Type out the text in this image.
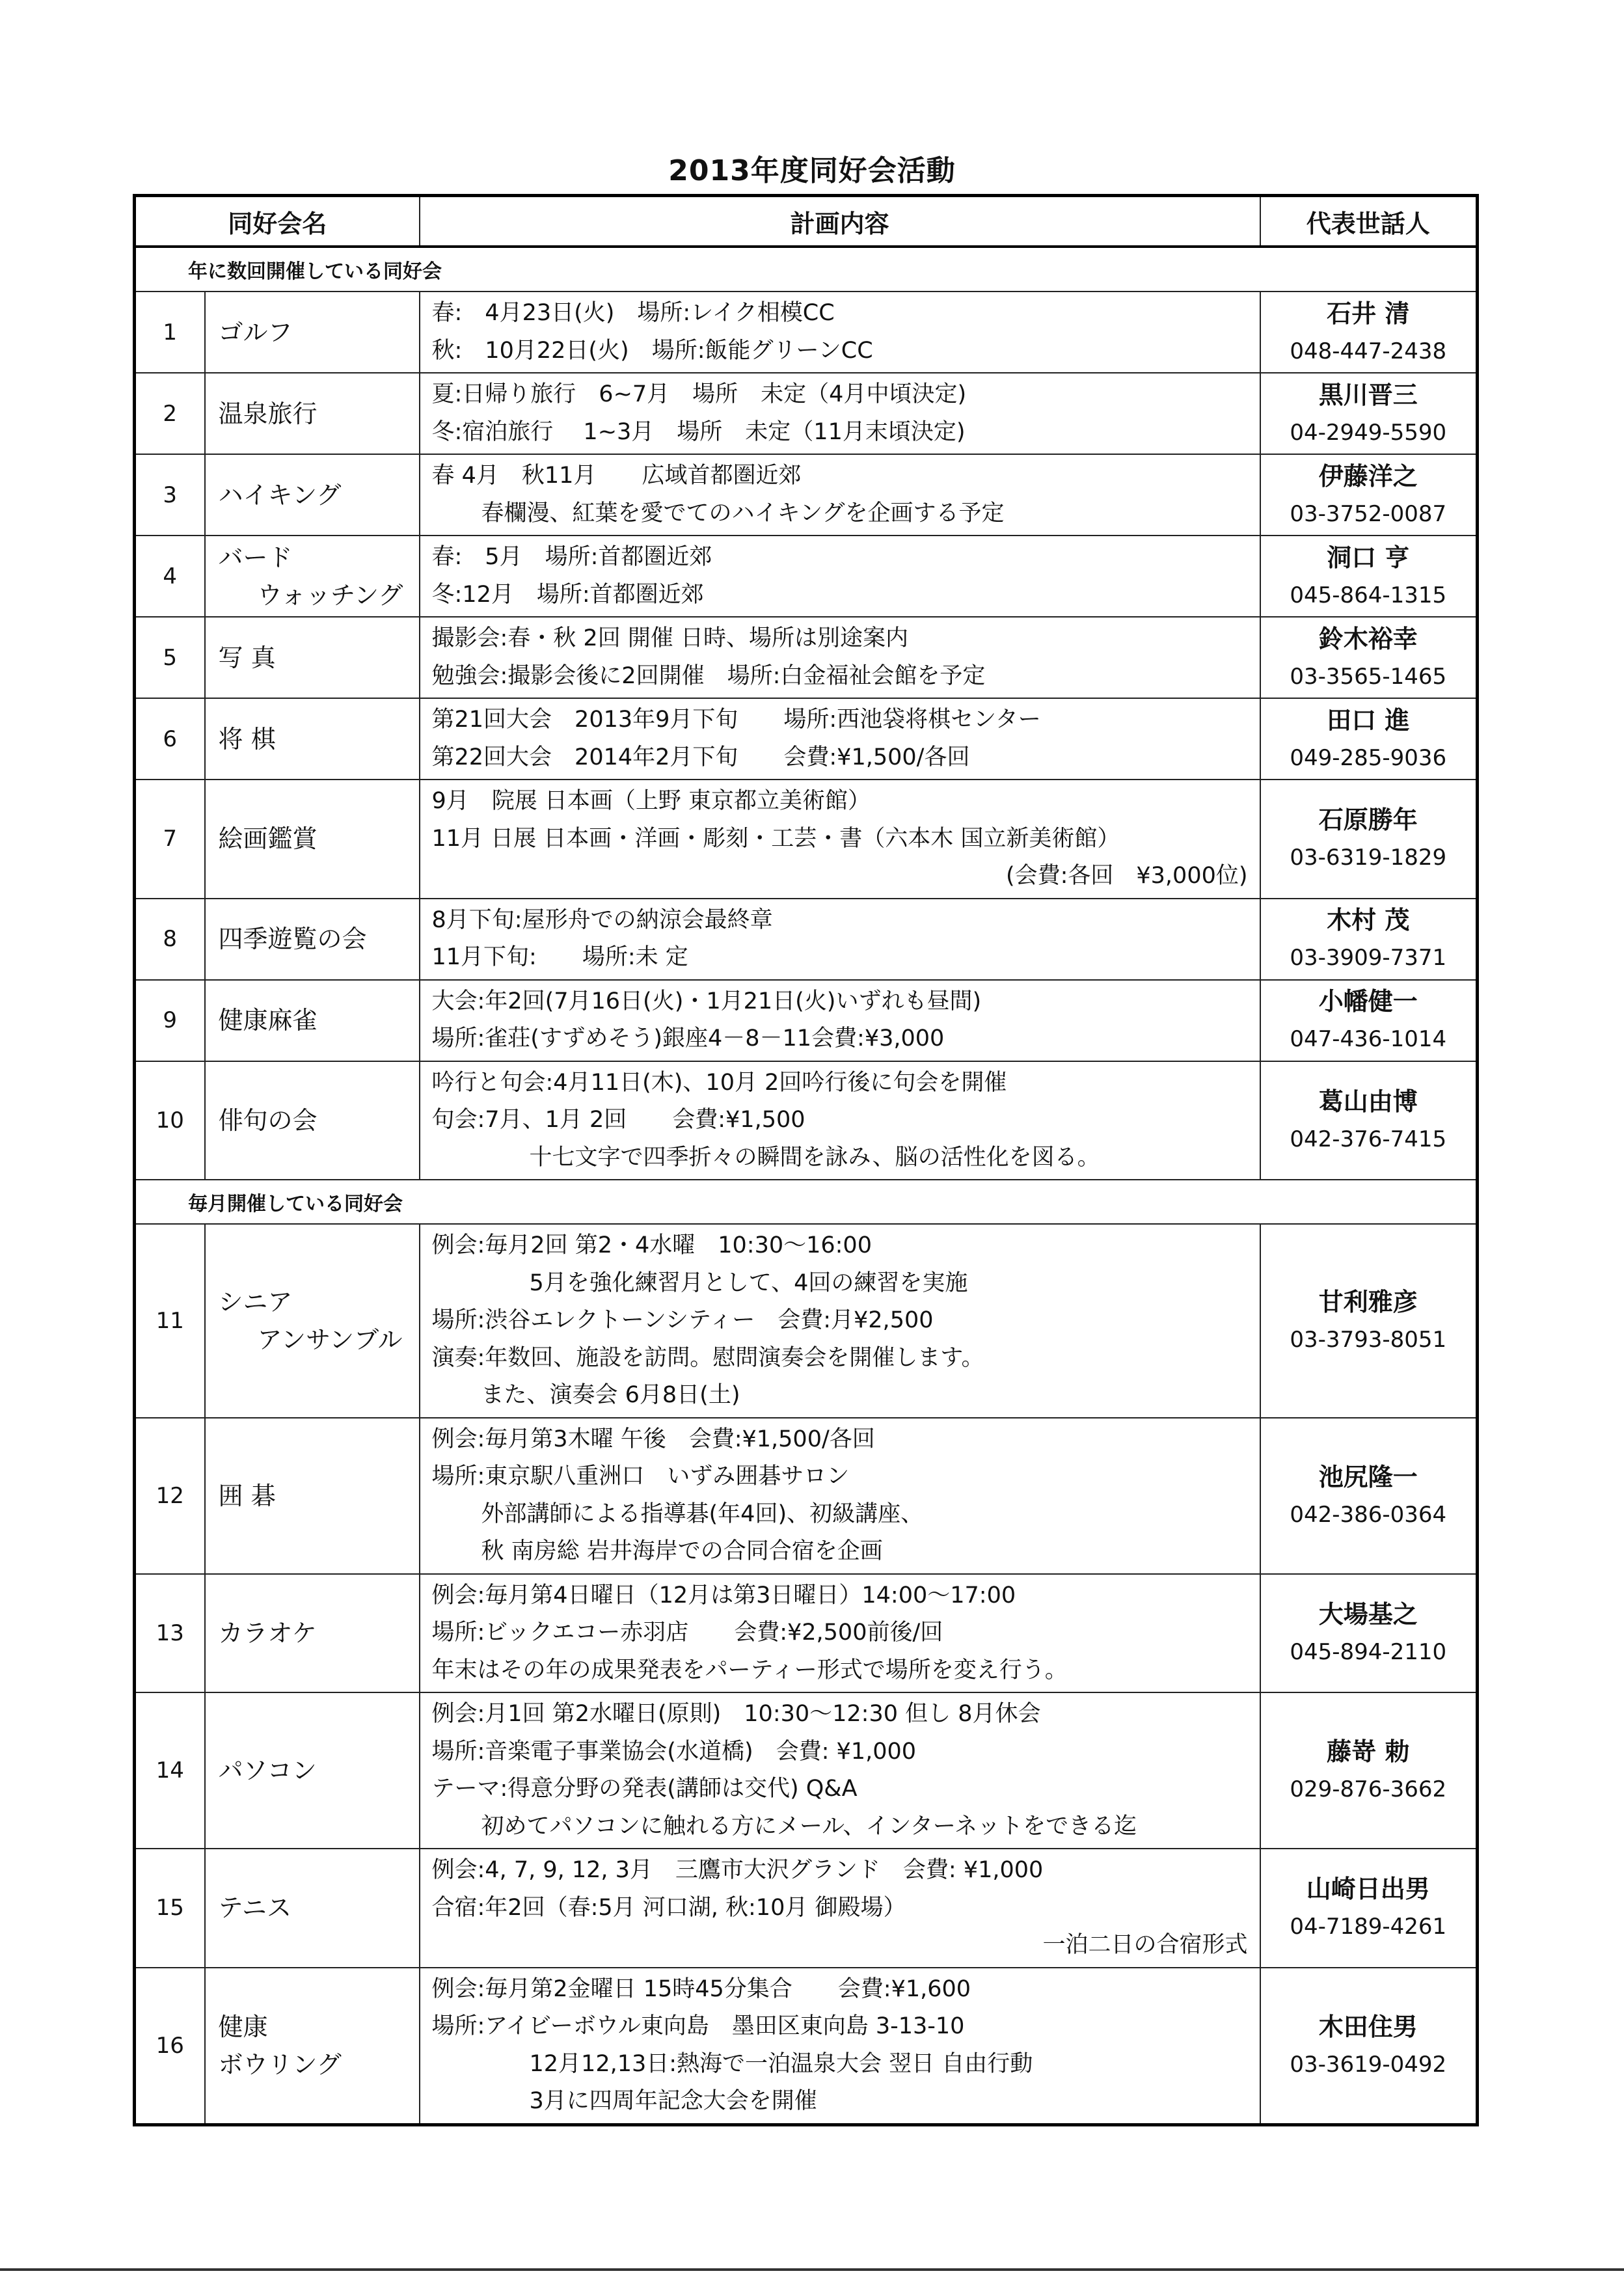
2013年度同好会活動
同好会名		計画内容	代表世話人
年に数回開催している同好会			
1	ゴルフ	春:　4月23日(火)　場所:レイク相模CC
秋:　10月22日(火)　場所:飯能グリーンCC	石井 清
048-447-2438

2	温泉旅行	夏:日帰り旅行　6~7月　場所　未定（4月中頃決定)
冬:宿泊旅行　 1~3月　場所　未定（11月末頃決定)	黒川晋三
04-2949-5590

3	ハイキング	春 4月　秋11月　　広域首都圏近郊
春欄漫、紅葉を愛でてのハイキングを企画する予定	伊藤洋之
03-3752-0087

4	バード
ウォッチング	春:　5月　場所:首都圏近郊
冬:12月　場所:首都圏近郊	洞口 亨
045-864-1315

5	写 真	撮影会:春・秋 2回 開催 日時、場所は別途案内
勉強会:撮影会後に2回開催　場所:白金福祉会館を予定	鈴木裕幸
03-3565-1465

6	将 棋	第21回大会　2013年9月下旬　　場所:西池袋将棋センター
第22回大会　2014年2月下旬　　会費:¥1,500/各回	田口 進
049-285-9036

7	絵画鑑賞	9月　院展 日本画（上野 東京都立美術館）
11月 日展 日本画・洋画・彫刻・工芸・書（六本木 国立新美術館）
(会費:各回　¥3,000位)	石原勝年
03-6319-1829

8	四季遊覧の会	8月下旬:屋形舟での納涼会最終章
11月下旬:　　場所:未 定	木村 茂
03-3909-7371

9	健康麻雀	大会:年2回(7月16日(火)・1月21日(火)いずれも昼間)
場所:雀荘(すずめそう)銀座4－8－11会費:¥3,000	小幡健一
047-436-1014

10	俳句の会	吟行と句会:4月11日(木)、10月 2回吟行後に句会を開催
句会:7月、1月 2回　　会費:¥1,500
十七文字で四季折々の瞬間を詠み、脳の活性化を図る。	葛山由博
042-376-7415

毎月開催している同好会			
11	シニア
アンサンブル	例会:毎月2回 第2・4水曜　10:30～16:00
5月を強化練習月として、4回の練習を実施
場所:渋谷エレクトーンシティー　会費:月¥2,500
演奏:年数回、施設を訪問。慰問演奏会を開催します。
また、演奏会 6月8日(土)	甘利雅彦
03-3793-8051

12	囲 碁	例会:毎月第3木曜 午後　会費:¥1,500/各回
場所:東京駅八重洲口　いずみ囲碁サロン
外部講師による指導碁(年4回)、初級講座、
秋 南房総 岩井海岸での合同合宿を企画	池尻隆一
042-386-0364

13	カラオケ	例会:毎月第4日曜日（12月は第3日曜日）14:00～17:00
場所:ビックエコー赤羽店　　会費:¥2,500前後/回
年末はその年の成果発表をパーティー形式で場所を変え行う。	大場基之
045-894-2110

14	パソコン	例会:月1回 第2水曜日(原則)　10:30～12:30 但し 8月休会
場所:音楽電子事業協会(水道橋)　会費: ¥1,000
テーマ:得意分野の発表(講師は交代) Q&A
初めてパソコンに触れる方にメール、インターネットをできる迄	藤嵜 勅
029-876-3662

15	テニス	例会:4, 7, 9, 12, 3月　三鷹市大沢グランド　会費: ¥1,000
合宿:年2回（春:5月 河口湖, 秋:10月 御殿場）
一泊二日の合宿形式	山崎日出男
04-7189-4261

16	健康
ボウリング	例会:毎月第2金曜日 15時45分集合　　会費:¥1,600
場所:アイビーボウル東向島　墨田区東向島 3-13-10
12月12,13日:熱海で一泊温泉大会 翌日 自由行動
3月に四周年記念大会を開催	木田住男
03-3619-0492
